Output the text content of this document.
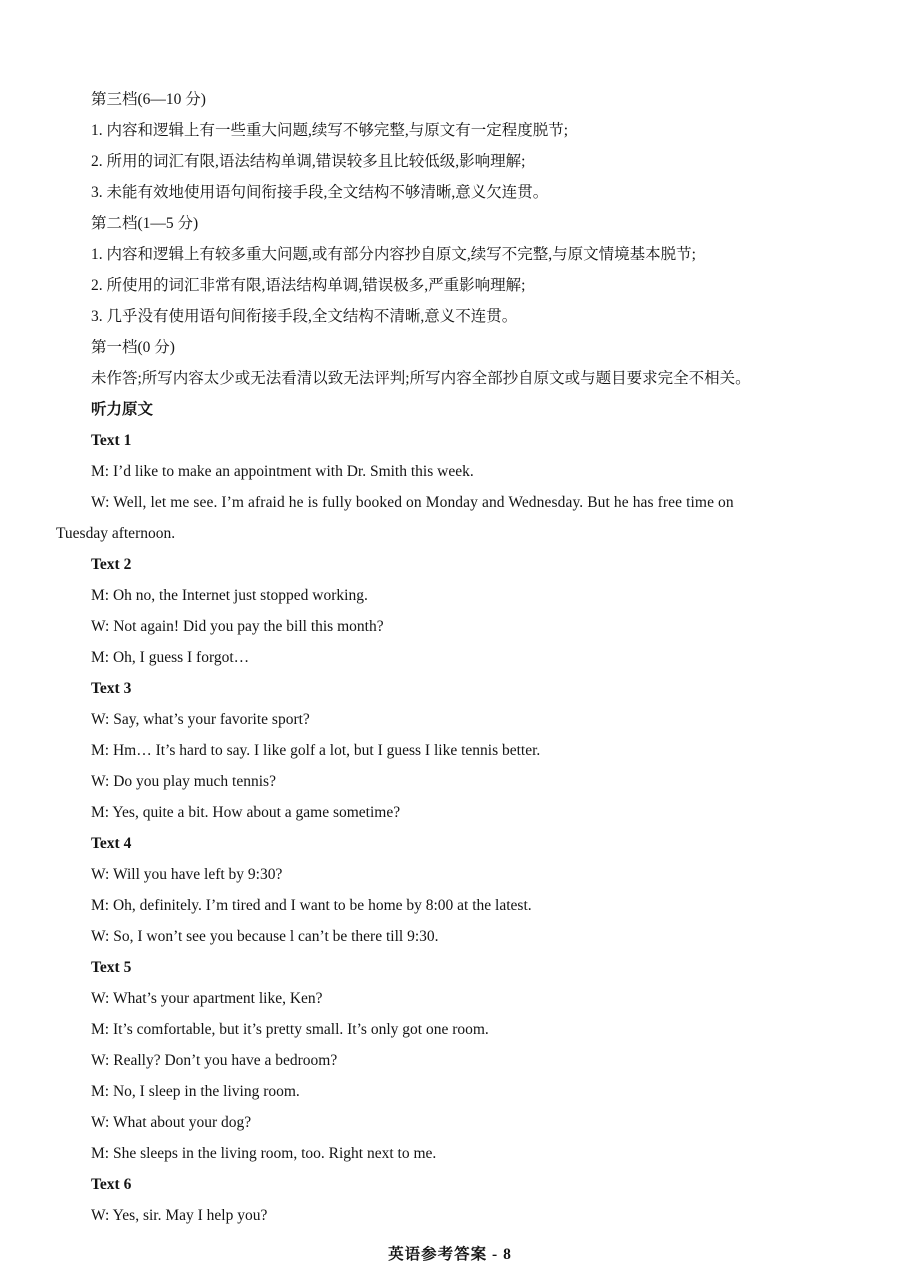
第三档(6—10 分)
1. 内容和逻辑上有一些重大问题,续写不够完整,与原文有一定程度脱节;
2. 所用的词汇有限,语法结构单调,错误较多且比较低级,影响理解;
3. 未能有效地使用语句间衔接手段,全文结构不够清晰,意义欠连贯。
第二档(1—5 分)
1. 内容和逻辑上有较多重大问题,或有部分内容抄自原文,续写不完整,与原文情境基本脱节;
2. 所使用的词汇非常有限,语法结构单调,错误极多,严重影响理解;
3. 几乎没有使用语句间衔接手段,全文结构不清晰,意义不连贯。
第一档(0 分)
未作答;所写内容太少或无法看清以致无法评判;所写内容全部抄自原文或与题目要求完全不相关。
听力原文
Text 1
M: I’d like to make an appointment with Dr. Smith this week.
W: Well, let me see. I’m afraid he is fully booked on Monday and Wednesday. But he has free time on
Tuesday afternoon.
Text 2
M: Oh no, the Internet just stopped working.
W: Not again! Did you pay the bill this month?
M: Oh, I guess I forgot…
Text 3
W: Say, what’s your favorite sport?
M: Hm… It’s hard to say. I like golf a lot, but I guess I like tennis better.
W: Do you play much tennis?
M: Yes, quite a bit. How about a game sometime?
Text 4
W: Will you have left by 9:30?
M: Oh, definitely. I’m tired and I want to be home by 8:00 at the latest.
W: So, I won’t see you because l can’t be there till 9:30.
Text 5
W: What’s your apartment like, Ken?
M: It’s comfortable, but it’s pretty small. It’s only got one room.
W: Really? Don’t you have a bedroom?
M: No, I sleep in the living room.
W: What about your dog?
M: She sleeps in the living room, too. Right next to me.
Text 6
W: Yes, sir. May I help you?
英语参考答案 - 8
